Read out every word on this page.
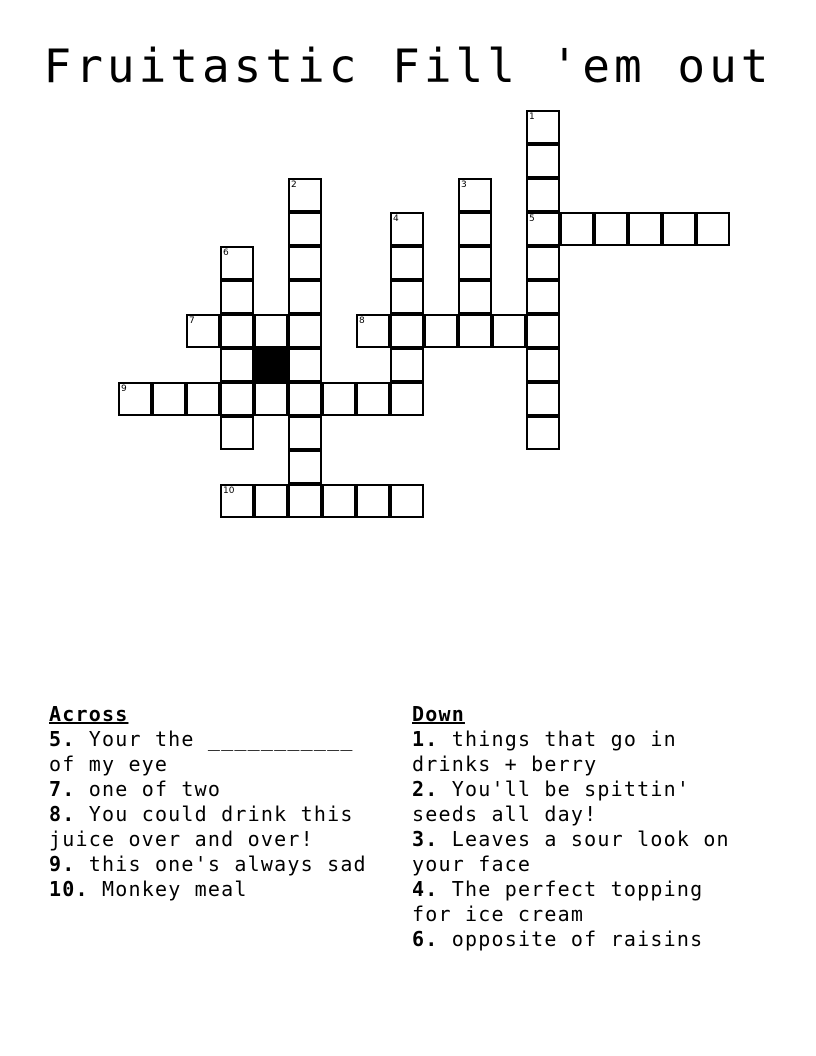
Fruitastic Fill 'em out
1
5
2	3
4
6
7	8
9
10
Across
5. Your the ___________ of my eye
7. one of two
8. You could drink this juice over and over!
9. this one's always sad
10. Monkey meal
Down
1. things that go in drinks + berry
2. You'll be spittin' seeds all day!
3. Leaves a sour look on your face
4. The perfect topping for ice cream
6. opposite of raisins
